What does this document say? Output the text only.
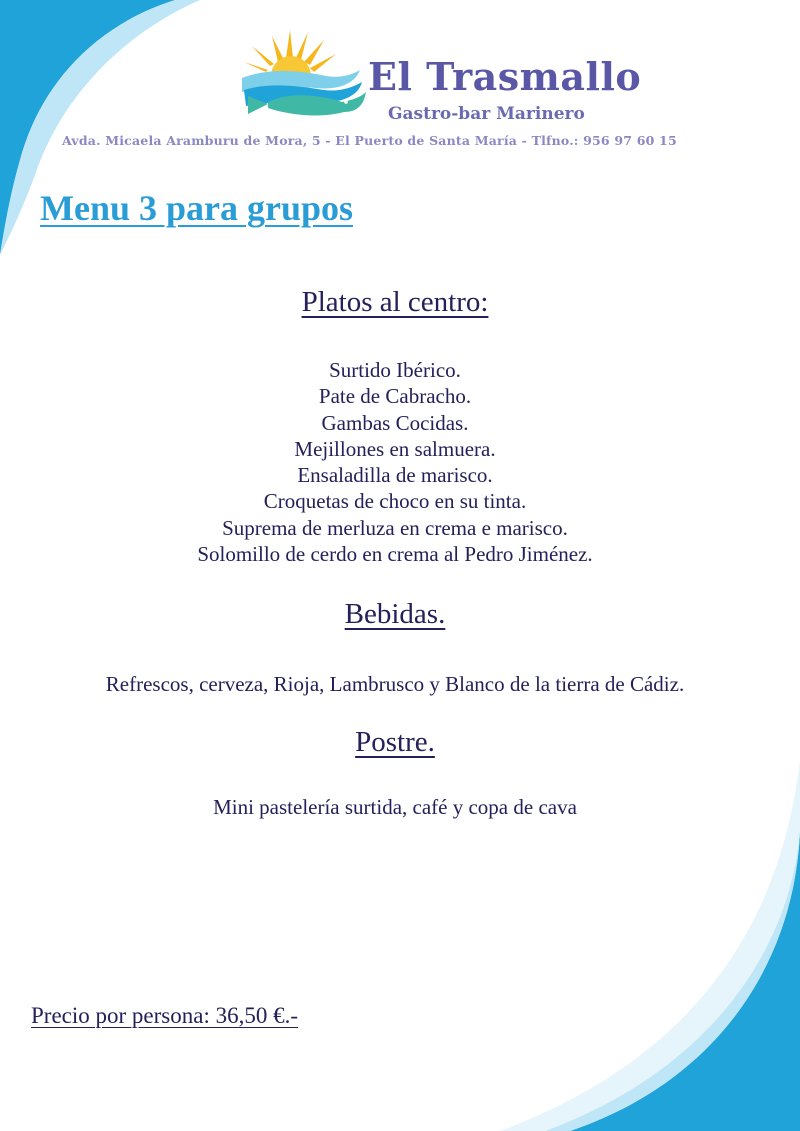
El Trasmallo
Gastro-bar Marinero
Avda. Micaela Aramburu de Mora, 5 - El Puerto de Santa María - Tlfno.: 956 97 60 15
Menu 3 para grupos
Platos al centro:
Surtido Ibérico.
Pate de Cabracho.
Gambas Cocidas.
Mejillones en salmuera.
Ensaladilla de marisco.
Croquetas de choco en su tinta.
Suprema de merluza en crema e marisco.
Solomillo de cerdo en crema al Pedro Jiménez.
Bebidas.
Refrescos, cerveza, Rioja, Lambrusco y Blanco de la tierra de Cádiz.
Postre.
Mini pastelería surtida, café y copa de cava
Precio por persona: 36,50 €.-
